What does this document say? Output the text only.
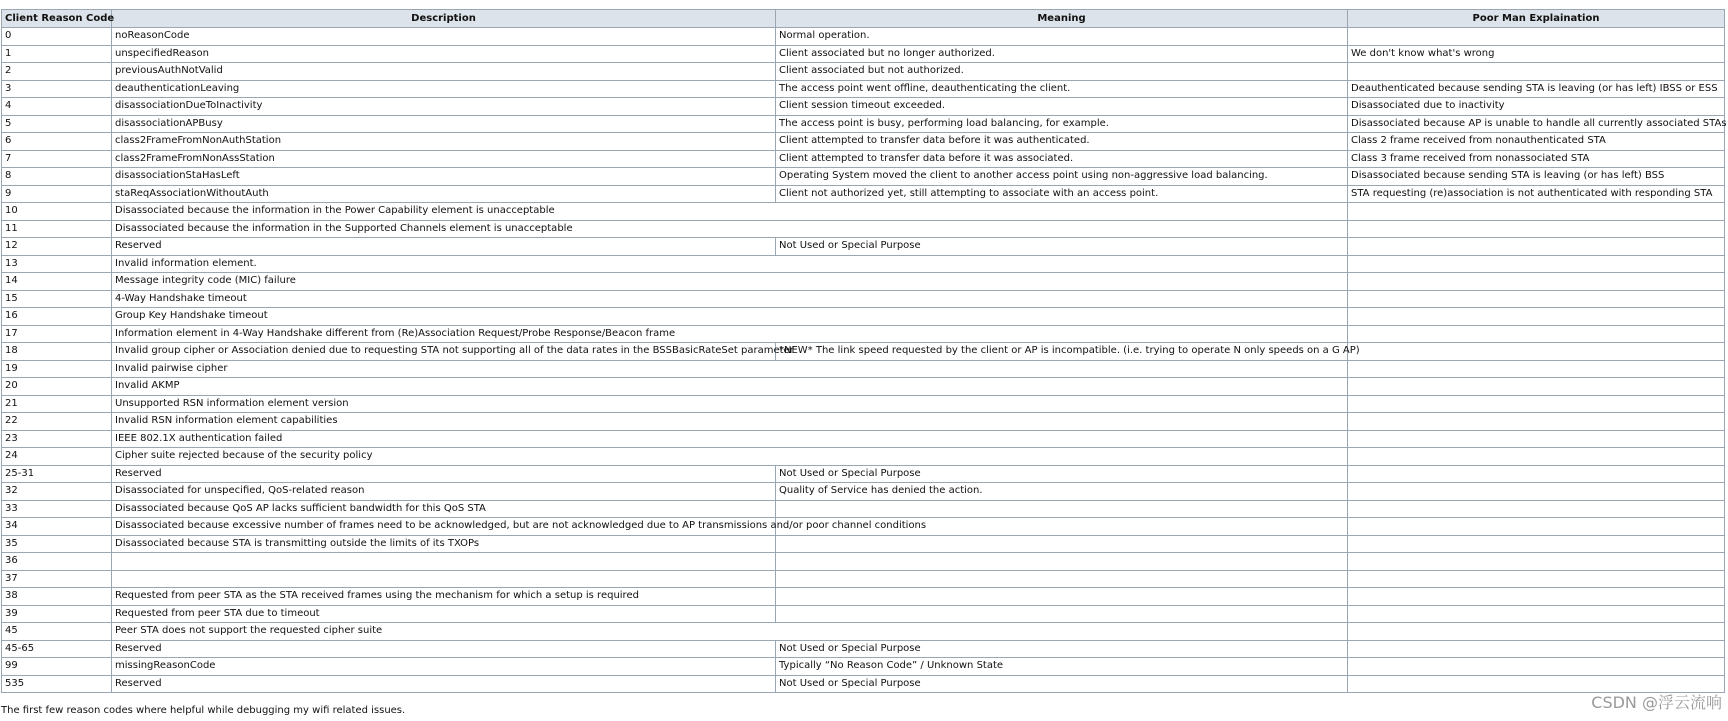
Client Reason Code	Description	Meaning	Poor Man Explaination
0	noReasonCode	Normal operation.	
1	unspecifiedReason	Client associated but no longer authorized.	We don't know what's wrong
2	previousAuthNotValid	Client associated but not authorized.	
3	deauthenticationLeaving	The access point went offline, deauthenticating the client.	Deauthenticated because sending STA is leaving (or has left) IBSS or ESS
4	disassociationDueToInactivity	Client session timeout exceeded.	Disassociated due to inactivity
5	disassociationAPBusy	The access point is busy, performing load balancing, for example.	Disassociated because AP is unable to handle all currently associated STAs
6	class2FrameFromNonAuthStation	Client attempted to transfer data before it was authenticated.	Class 2 frame received from nonauthenticated STA
7	class2FrameFromNonAssStation	Client attempted to transfer data before it was associated.	Class 3 frame received from nonassociated STA
8	disassociationStaHasLeft	Operating System moved the client to another access point using non-aggressive load balancing.	Disassociated because sending STA is leaving (or has left) BSS
9	staReqAssociationWithoutAuth	Client not authorized yet, still attempting to associate with an access point.	STA requesting (re)association is not authenticated with responding STA
10	Disassociated because the information in the Power Capability element is unacceptable		
11	Disassociated because the information in the Supported Channels element is unacceptable		
12	Reserved	Not Used or Special Purpose	
13	Invalid information element.		
14	Message integrity code (MIC) failure		
15	4-Way Handshake timeout		
16	Group Key Handshake timeout		
17	Information element in 4-Way Handshake different from (Re)Association Request/Probe Response/Beacon frame		
18	Invalid group cipher or Association denied due to requesting STA not supporting all of the data rates in the BSSBasicRateSet parameter	*NEW* The link speed requested by the client or AP is incompatible. (i.e. trying to operate N only speeds on a G AP)	
19	Invalid pairwise cipher		
20	Invalid AKMP		
21	Unsupported RSN information element version		
22	Invalid RSN information element capabilities		
23	IEEE 802.1X authentication failed		
24	Cipher suite rejected because of the security policy		
25-31	Reserved	Not Used or Special Purpose	
32	Disassociated for unspecified, QoS-related reason	Quality of Service has denied the action.	
33	Disassociated because QoS AP lacks sufficient bandwidth for this QoS STA		
34	Disassociated because excessive number of frames need to be acknowledged, but are not acknowledged due to AP transmissions and/or poor channel conditions		
35	Disassociated because STA is transmitting outside the limits of its TXOPs		
36			
37			
38	Requested from peer STA as the STA received frames using the mechanism for which a setup is required		
39	Requested from peer STA due to timeout		
45	Peer STA does not support the requested cipher suite		
45-65	Reserved	Not Used or Special Purpose	
99	missingReasonCode	Typically “No Reason Code” / Unknown State	
535	Reserved	Not Used or Special Purpose	
The first few reason codes where helpful while debugging my wifi related issues.	CSDN @浮云流响
